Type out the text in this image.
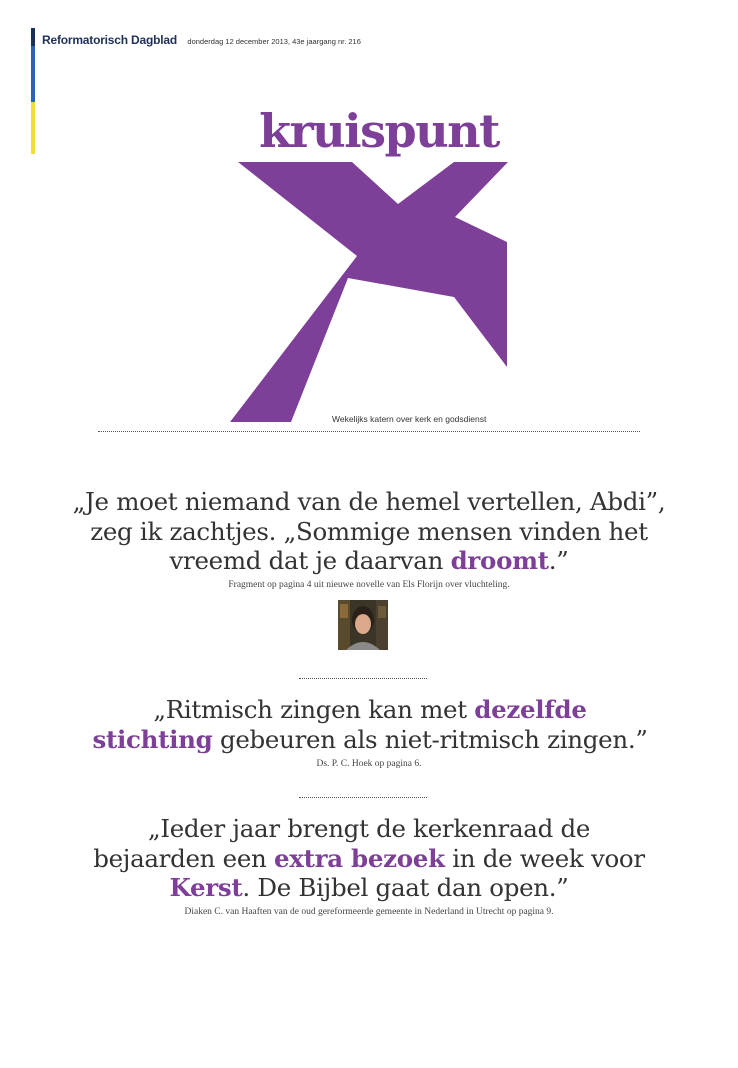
Reformatorisch Dagblad donderdag 12 december 2013, 43e jaargang nr. 216
kruispunt
Wekelijks katern over kerk en godsdienst
„Je moet niemand van de hemel vertellen, Abdi”, zeg ik zachtjes. „Sommige mensen vinden het vreemd dat je daarvan droomt.”
Fragment op pagina 4 uit nieuwe novelle van Els Florijn over vluchteling.
„Ritmisch zingen kan met dezelfde stichting gebeuren als niet-ritmisch zingen.”
Ds. P. C. Hoek op pagina 6.
„Ieder jaar brengt de kerkenraad de bejaarden een extra bezoek in de week voor Kerst. De Bijbel gaat dan open.”
Diaken C. van Haaften van de oud gereformeerde gemeente in Nederland in Utrecht op pagina 9.
